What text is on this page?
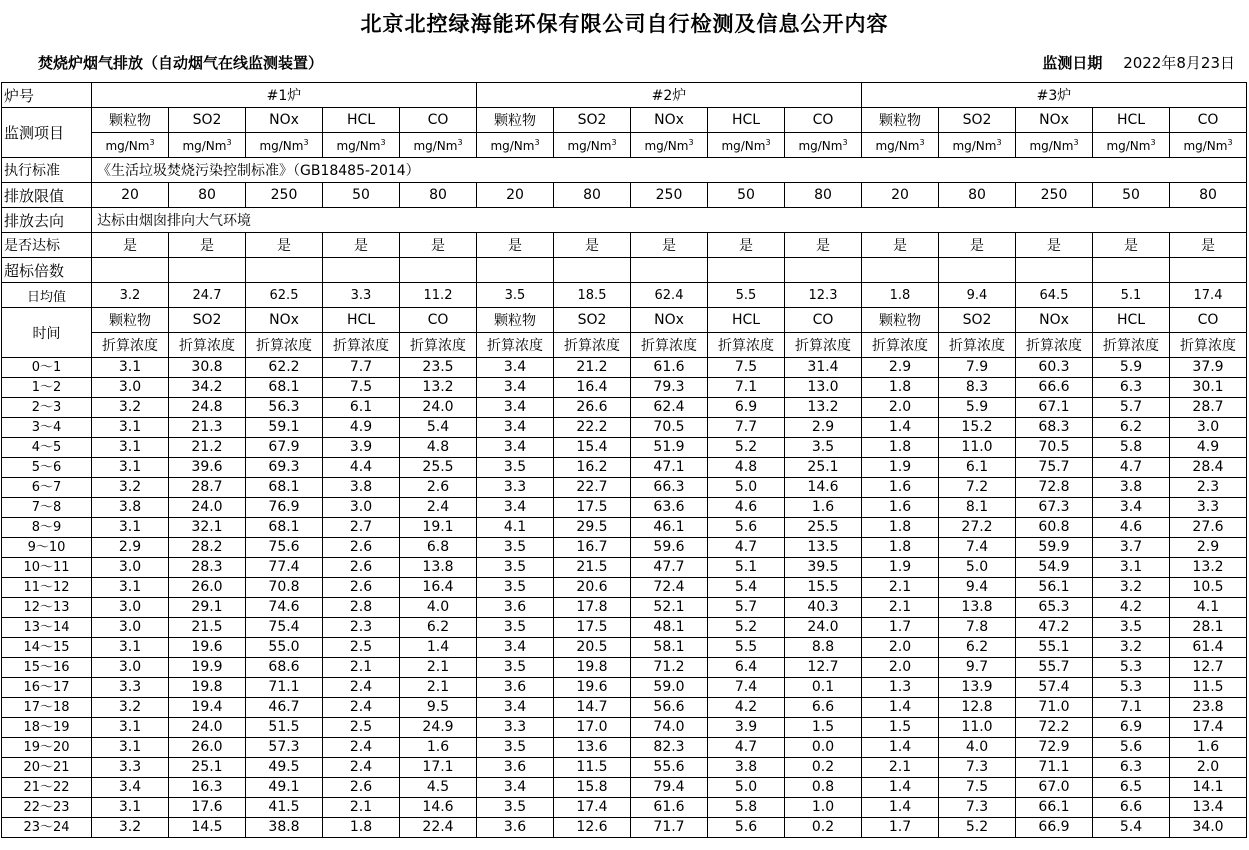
北京北控绿海能环保有限公司自行检测及信息公开内容
焚烧炉烟气排放（自动烟气在线监测装置）	监测日期 2022年8月23日
炉号	#1炉					#2炉					#3炉				
监测项目	颗粒物	SO2	NOx	HCL	CO	颗粒物	SO2	NOx	HCL	CO	颗粒物	SO2	NOx	HCL	CO
	mg/Nm$^3$	mg/Nm$^3$	mg/Nm$^3$	mg/Nm$^3$	mg/Nm$^3$	mg/Nm$^3$	mg/Nm$^3$	mg/Nm$^3$	mg/Nm$^3$	mg/Nm$^3$	mg/Nm$^3$	mg/Nm$^3$	mg/Nm$^3$	mg/Nm$^3$	mg/Nm$^3$
执行标准	《生活垃圾焚烧污染控制标准》（GB18485-2014）														
排放限值	20	80	250	50	80	20	80	250	50	80	20	80	250	50	80
排放去向	达标由烟囱排向大气环境														
是否达标	是	是	是	是	是	是	是	是	是	是	是	是	是	是	是
超标倍数															
日均值	3.2	24.7	62.5	3.3	11.2	3.5	18.5	62.4	5.5	12.3	1.8	9.4	64.5	5.1	17.4
时间	颗粒物	SO2	NOx	HCL	CO	颗粒物	SO2	NOx	HCL	CO	颗粒物	SO2	NOx	HCL	CO
	折算浓度	折算浓度	折算浓度	折算浓度	折算浓度	折算浓度	折算浓度	折算浓度	折算浓度	折算浓度	折算浓度	折算浓度	折算浓度	折算浓度	折算浓度
0～1	3.1	30.8	62.2	7.7	23.5	3.4	21.2	61.6	7.5	31.4	2.9	7.9	60.3	5.9	37.9
1～2	3.0	34.2	68.1	7.5	13.2	3.4	16.4	79.3	7.1	13.0	1.8	8.3	66.6	6.3	30.1
2～3	3.2	24.8	56.3	6.1	24.0	3.4	26.6	62.4	6.9	13.2	2.0	5.9	67.1	5.7	28.7
3～4	3.1	21.3	59.1	4.9	5.4	3.4	22.2	70.5	7.7	2.9	1.4	15.2	68.3	6.2	3.0
4～5	3.1	21.2	67.9	3.9	4.8	3.4	15.4	51.9	5.2	3.5	1.8	11.0	70.5	5.8	4.9
5～6	3.1	39.6	69.3	4.4	25.5	3.5	16.2	47.1	4.8	25.1	1.9	6.1	75.7	4.7	28.4
6～7	3.2	28.7	68.1	3.8	2.6	3.3	22.7	66.3	5.0	14.6	1.6	7.2	72.8	3.8	2.3
7～8	3.8	24.0	76.9	3.0	2.4	3.4	17.5	63.6	4.6	1.6	1.6	8.1	67.3	3.4	3.3
8～9	3.1	32.1	68.1	2.7	19.1	4.1	29.5	46.1	5.6	25.5	1.8	27.2	60.8	4.6	27.6
9～10	2.9	28.2	75.6	2.6	6.8	3.5	16.7	59.6	4.7	13.5	1.8	7.4	59.9	3.7	2.9
10～11	3.0	28.3	77.4	2.6	13.8	3.5	21.5	47.7	5.1	39.5	1.9	5.0	54.9	3.1	13.2
11～12	3.1	26.0	70.8	2.6	16.4	3.5	20.6	72.4	5.4	15.5	2.1	9.4	56.1	3.2	10.5
12～13	3.0	29.1	74.6	2.8	4.0	3.6	17.8	52.1	5.7	40.3	2.1	13.8	65.3	4.2	4.1
13～14	3.0	21.5	75.4	2.3	6.2	3.5	17.5	48.1	5.2	24.0	1.7	7.8	47.2	3.5	28.1
14～15	3.1	19.6	55.0	2.5	1.4	3.4	20.5	58.1	5.5	8.8	2.0	6.2	55.1	3.2	61.4
15～16	3.0	19.9	68.6	2.1	2.1	3.5	19.8	71.2	6.4	12.7	2.0	9.7	55.7	5.3	12.7
16～17	3.3	19.8	71.1	2.4	2.1	3.6	19.6	59.0	7.4	0.1	1.3	13.9	57.4	5.3	11.5
17～18	3.2	19.4	46.7	2.4	9.5	3.4	14.7	56.6	4.2	6.6	1.4	12.8	71.0	7.1	23.8
18～19	3.1	24.0	51.5	2.5	24.9	3.3	17.0	74.0	3.9	1.5	1.5	11.0	72.2	6.9	17.4
19～20	3.1	26.0	57.3	2.4	1.6	3.5	13.6	82.3	4.7	0.0	1.4	4.0	72.9	5.6	1.6
20～21	3.3	25.1	49.5	2.4	17.1	3.6	11.5	55.6	3.8	0.2	2.1	7.3	71.1	6.3	2.0
21～22	3.4	16.3	49.1	2.6	4.5	3.4	15.8	79.4	5.0	0.8	1.4	7.5	67.0	6.5	14.1
22～23	3.1	17.6	41.5	2.1	14.6	3.5	17.4	61.6	5.8	1.0	1.4	7.3	66.1	6.6	13.4
23～24	3.2	14.5	38.8	1.8	22.4	3.6	12.6	71.7	5.6	0.2	1.7	5.2	66.9	5.4	34.0
